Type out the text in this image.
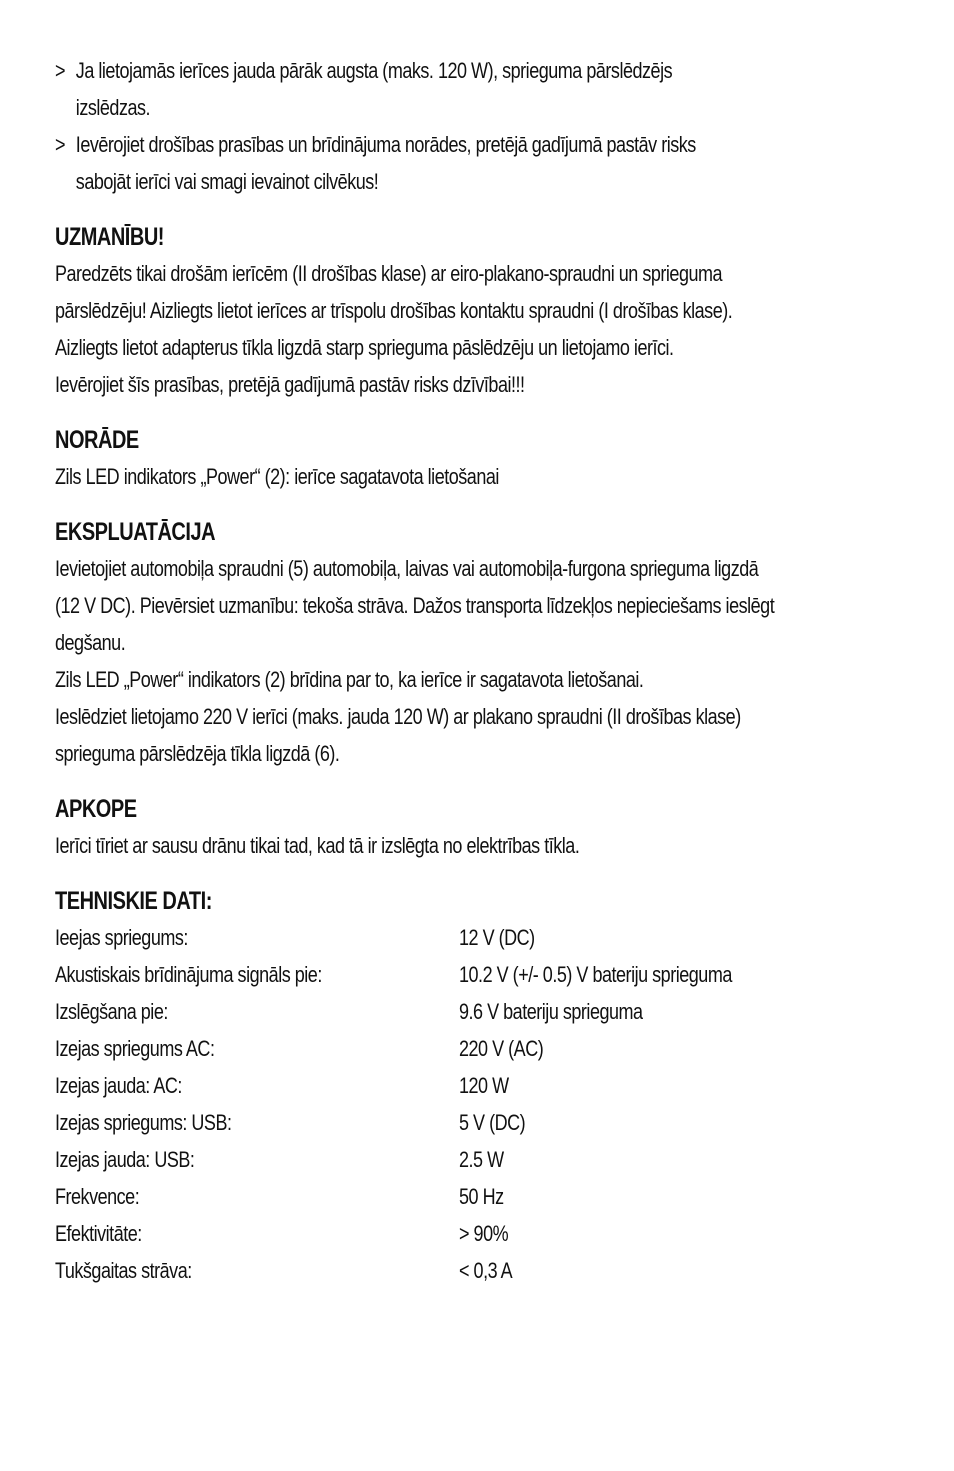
> Ja lietojamās ierīces jauda pārāk augsta (maks. 120 W), sprieguma pārslēdzējs
izslēdzas.
> Ievērojiet drošības prasības un brīdinājuma norādes, pretējā gadījumā pastāv risks
sabojāt ierīci vai smagi ievainot cilvēkus!
UZMANĪBU!
Paredzēts tikai drošām ierīcēm (II drošības klase) ar eiro-plakano-spraudni un sprieguma
pārslēdzēju! Aizliegts lietot ierīces ar trīspolu drošības kontaktu spraudni (I drošības klase).
Aizliegts lietot adapterus tīkla ligzdā starp sprieguma pāslēdzēju un lietojamo ierīci.
Ievērojiet šīs prasības, pretējā gadījumā pastāv risks dzīvībai!!!
NORĀDE
Zils LED indikators „Power“ (2): ierīce sagatavota lietošanai
EKSPLUATĀCIJA
Ievietojiet automobiļa spraudni (5) automobiļa, laivas vai automobiļa-furgona sprieguma ligzdā
(12 V DC). Pievērsiet uzmanību: tekoša strāva. Dažos transporta līdzekļos nepieciešams ieslēgt
degšanu.
Zils LED „Power“ indikators (2) brīdina par to, ka ierīce ir sagatavota lietošanai.
Ieslēdziet lietojamo 220 V ierīci (maks. jauda 120 W) ar plakano spraudni (II drošības klase)
sprieguma pārslēdzēja tīkla ligzdā (6).
APKOPE
Ierīci tīriet ar sausu drānu tikai tad, kad tā ir izslēgta no elektrības tīkla.
TEHNISKIE DATI:
Ieejas spriegums:	12 V (DC)
Akustiskais brīdinājuma signāls pie:	10.2 V (+/- 0.5) V bateriju sprieguma
Izslēgšana pie:	9.6 V bateriju sprieguma
Izejas spriegums AC:	220 V (AC)
Izejas jauda: AC:	120 W
Izejas spriegums: USB:	5 V (DC)
Izejas jauda: USB:	2.5 W
Frekvence:	50 Hz
Efektivitāte:	> 90%
Tukšgaitas strāva:	< 0,3 A
